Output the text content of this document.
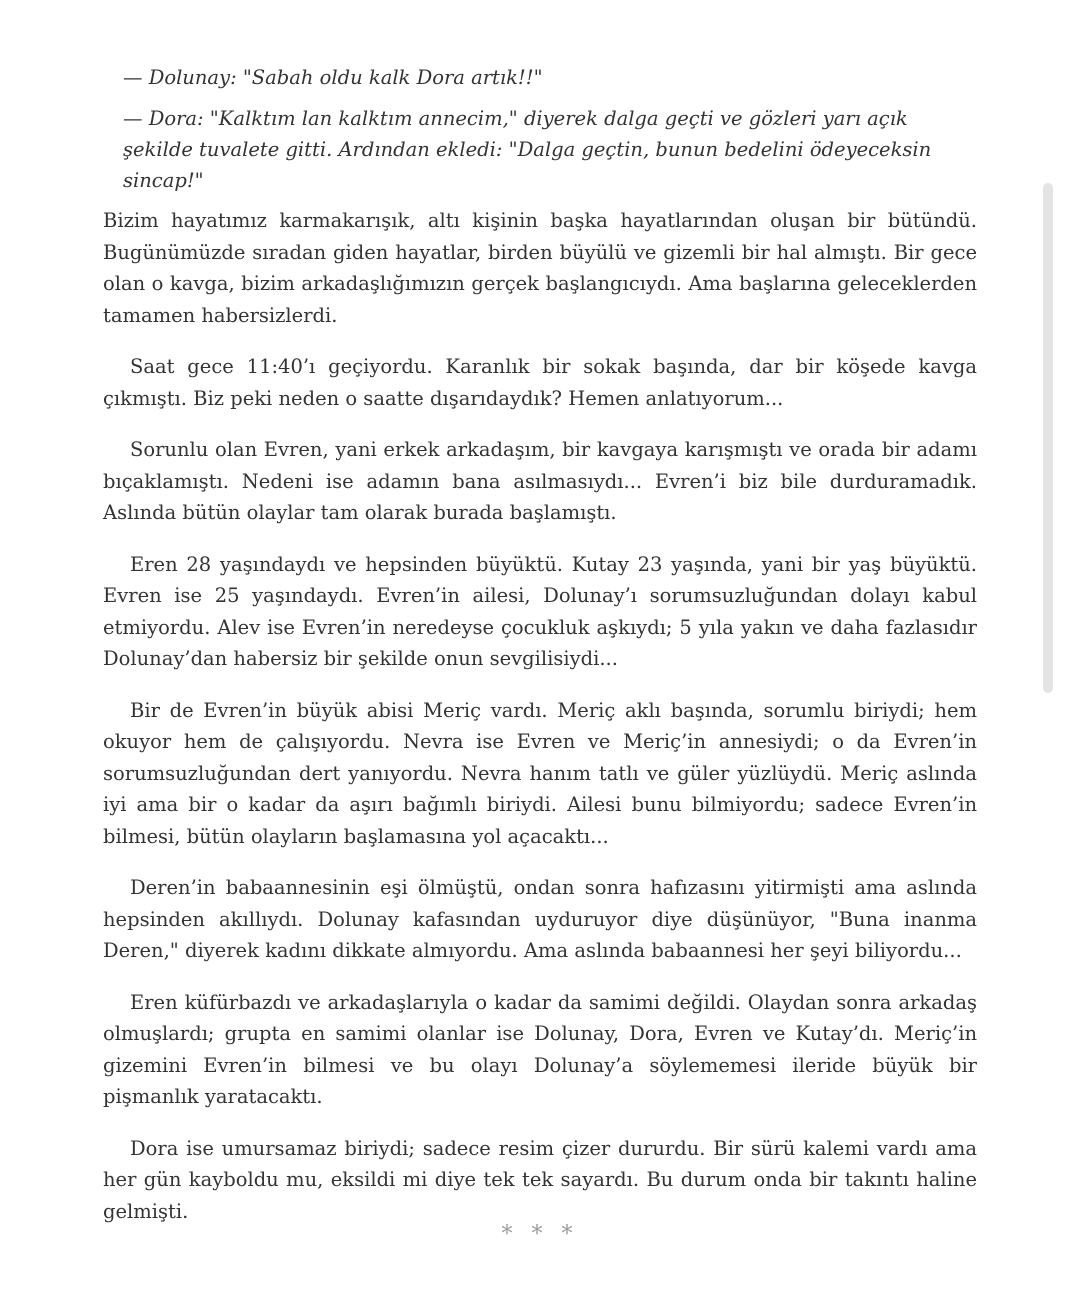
— Dolunay: "Sabah oldu kalk Dora artık!!"

— Dora: "Kalktım lan kalktım annecim," diyerek dalga geçti ve gözleri yarı açık şekilde tuvalete gitti. Ardından ekledi: "Dalga geçtin, bunun bedelini ödeyeceksin sincap!"

Bizim hayatımız karmakarışık, altı kişinin başka hayatlarından oluşan bir bütündü. Bugünümüzde sıradan giden hayatlar, birden büyülü ve gizemli bir hal almıştı. Bir gece olan o kavga, bizim arkadaşlığımızın gerçek başlangıcıydı. Ama başlarına geleceklerden tamamen habersizlerdi.

Saat gece 11:40’ı geçiyordu. Karanlık bir sokak başında, dar bir köşede kavga çıkmıştı. Biz peki neden o saatte dışarıdaydık? Hemen anlatıyorum...

Sorunlu olan Evren, yani erkek arkadaşım, bir kavgaya karışmıştı ve orada bir adamı bıçaklamıştı. Nedeni ise adamın bana asılmasıydı... Evren’i biz bile durduramadık. Aslında bütün olaylar tam olarak burada başlamıştı.

Eren 28 yaşındaydı ve hepsinden büyüktü. Kutay 23 yaşında, yani bir yaş büyüktü. Evren ise 25 yaşındaydı. Evren’in ailesi, Dolunay’ı sorumsuzluğundan dolayı kabul etmiyordu. Alev ise Evren’in neredeyse çocukluk aşkıydı; 5 yıla yakın ve daha fazlasıdır Dolunay’dan habersiz bir şekilde onun sevgilisiydi...

Bir de Evren’in büyük abisi Meriç vardı. Meriç aklı başında, sorumlu biriydi; hem okuyor hem de çalışıyordu. Nevra ise Evren ve Meriç’in annesiydi; o da Evren’in sorumsuzluğundan dert yanıyordu. Nevra hanım tatlı ve güler yüzlüydü. Meriç aslında iyi ama bir o kadar da aşırı bağımlı biriydi. Ailesi bunu bilmiyordu; sadece Evren’in bilmesi, bütün olayların başlamasına yol açacaktı...

Deren’in babaannesinin eşi ölmüştü, ondan sonra hafızasını yitirmişti ama aslında hepsinden akıllıydı. Dolunay kafasından uyduruyor diye düşünüyor, "Buna inanma Deren," diyerek kadını dikkate almıyordu. Ama aslında babaannesi her şeyi biliyordu...

Eren küfürbazdı ve arkadaşlarıyla o kadar da samimi değildi. Olaydan sonra arkadaş olmuşlardı; grupta en samimi olanlar ise Dolunay, Dora, Evren ve Kutay’dı. Meriç’in gizemini Evren’in bilmesi ve bu olayı Dolunay’a söylememesi ileride büyük bir pişmanlık yaratacaktı.

Dora ise umursamaz biriydi; sadece resim çizer dururdu. Bir sürü kalemi vardı ama her gün kayboldu mu, eksildi mi diye tek tek sayardı. Bu durum onda bir takıntı haline gelmişti.

* * *
